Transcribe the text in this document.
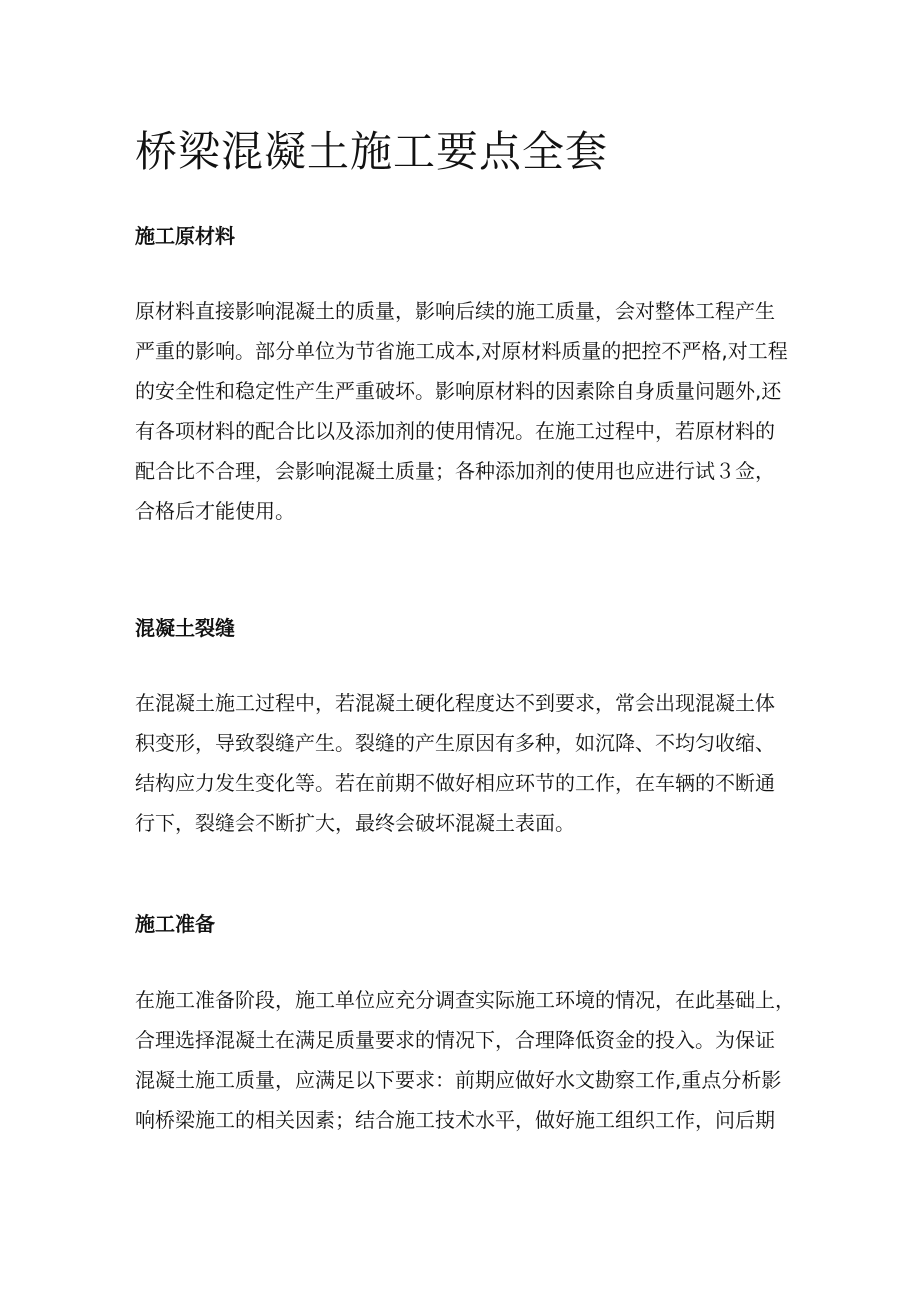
桥梁混凝土施工要点全套
施工原材料
原材料直接影响混凝土的质量，影响后续的施工质量，会对整体工程产生
严重的影响。部分单位为节省施工成本,对原材料质量的把控不严格,对工程
的安全性和稳定性产生严重破坏。影响原材料的因素除自身质量问题外,还
有各项材料的配合比以及添加剂的使用情况。在施工过程中，若原材料的
配合比不合理，会影响混凝土质量；各种添加剂的使用也应进行试３佥，
合格后才能使用。
混凝土裂缝
在混凝土施工过程中，若混凝土硬化程度达不到要求，常会出现混凝土体
积变形，导致裂缝产生。裂缝的产生原因有多种，如沉降、不均匀收缩、
结构应力发生变化等。若在前期不做好相应环节的工作，在车辆的不断通
行下，裂缝会不断扩大，最终会破坏混凝土表面。
施工准备
在施工准备阶段，施工单位应充分调查实际施工环境的情况，在此基础上，
合理选择混凝土在满足质量要求的情况下，合理降低资金的投入。为保证
混凝土施工质量，应满足以下要求：前期应做好水文勘察工作,重点分析影
响桥梁施工的相关因素；结合施工技术水平，做好施工组织工作，问后期
